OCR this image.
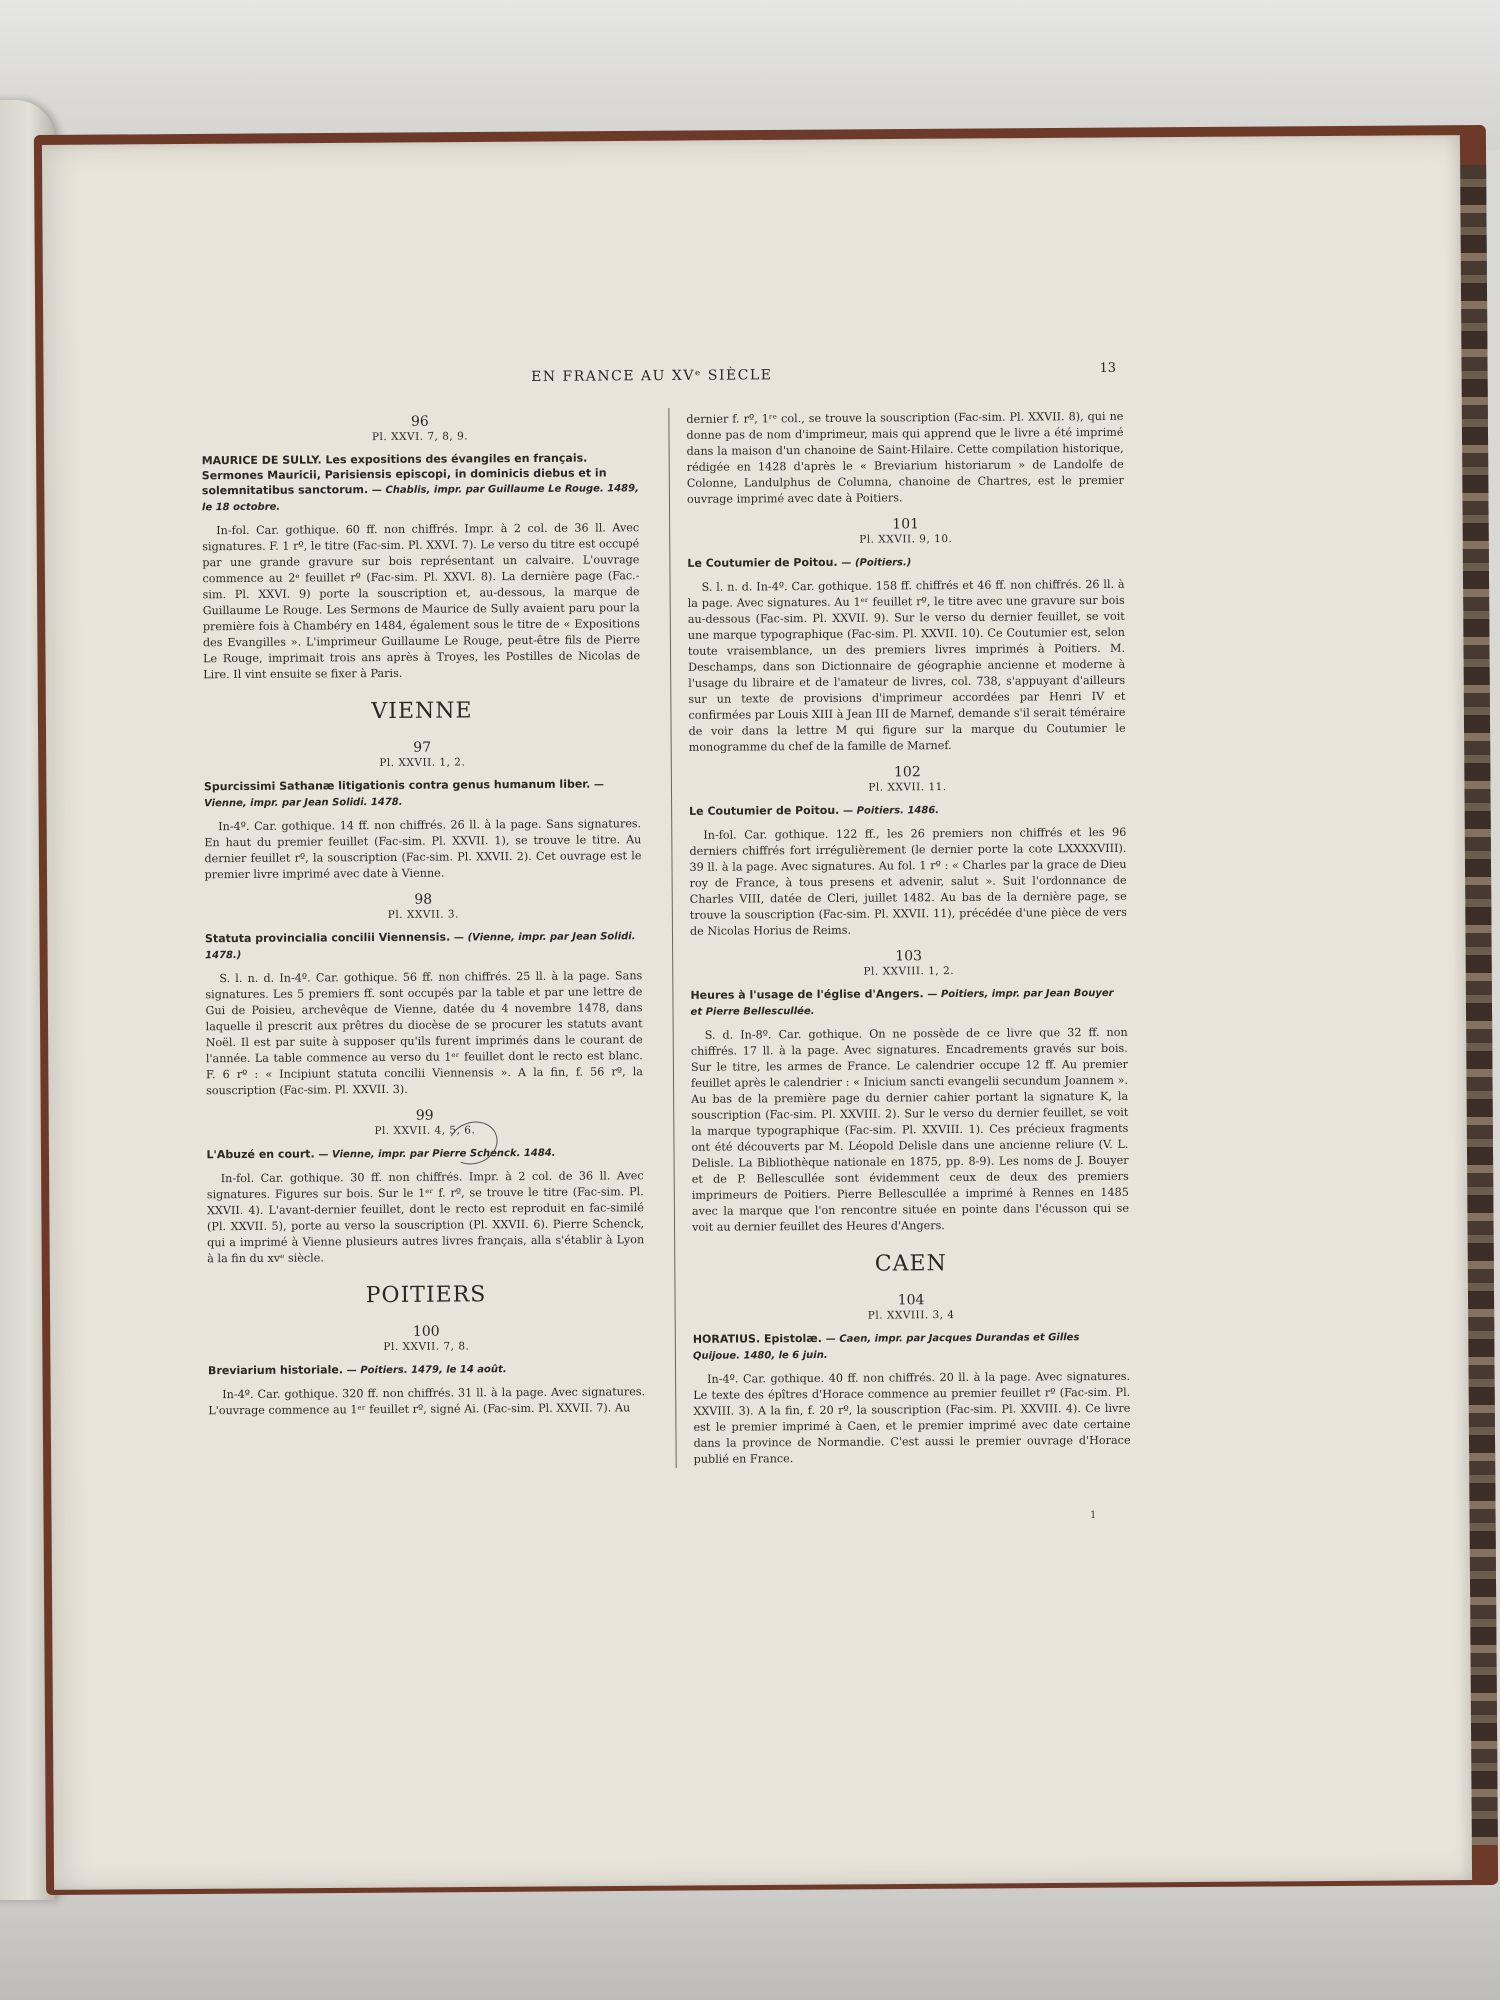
EN FRANCE AU XVᵉ SIÈCLE	13
96
Pl. XXVI. 7, 8, 9.
MAURICE DE SULLY. Les expositions des évangiles en français. Sermones Mauricii, Parisiensis episcopi, in dominicis diebus et in solemnitatibus sanctorum. — Chablis, impr. par Guillaume Le Rouge. 1489, le 18 octobre.
In-fol. Car. gothique. 60 ff. non chiffrés. Impr. à 2 col. de 36 ll. Avec signatures. F. 1 rº, le titre (Fac-sim. Pl. XXVI. 7). Le verso du titre est occupé par une grande gravure sur bois représentant un calvaire. L'ouvrage commence au 2ᵉ feuillet rº (Fac-sim. Pl. XXVI. 8). La dernière page (Fac.-sim. Pl. XXVI. 9) porte la souscription et, au-dessous, la marque de Guillaume Le Rouge. Les Sermons de Maurice de Sully avaient paru pour la première fois à Chambéry en 1484, également sous le titre de « Expositions des Evangilles ». L'imprimeur Guillaume Le Rouge, peut-être fils de Pierre Le Rouge, imprimait trois ans après à Troyes, les Postilles de Nicolas de Lire. Il vint ensuite se fixer à Paris.
VIENNE
97
Pl. XXVII. 1, 2.
Spurcissimi Sathanæ litigationis contra genus humanum liber. — Vienne, impr. par Jean Solidi. 1478.
In-4º. Car. gothique. 14 ff. non chiffrés. 26 ll. à la page. Sans signatures. En haut du premier feuillet (Fac-sim. Pl. XXVII. 1), se trouve le titre. Au dernier feuillet rº, la souscription (Fac-sim. Pl. XXVII. 2). Cet ouvrage est le premier livre imprimé avec date à Vienne.
98
Pl. XXVII. 3.
Statuta provincialia concilii Viennensis. — (Vienne, impr. par Jean Solidi. 1478.)
S. l. n. d. In-4º. Car. gothique. 56 ff. non chiffrés. 25 ll. à la page. Sans signatures. Les 5 premiers ff. sont occupés par la table et par une lettre de Gui de Poisieu, archevêque de Vienne, datée du 4 novembre 1478, dans laquelle il prescrit aux prêtres du diocèse de se procurer les statuts avant Noël. Il est par suite à supposer qu'ils furent imprimés dans le courant de l'année. La table commence au verso du 1ᵉʳ feuillet dont le recto est blanc. F. 6 rº : « Incipiunt statuta concilii Viennensis ». A la fin, f. 56 rº, la souscription (Fac-sim. Pl. XXVII. 3).
99
Pl. XXVII. 4, 5, 6.
L'Abuzé en court. — Vienne, impr. par Pierre Schenck. 1484.
In-fol. Car. gothique. 30 ff. non chiffrés. Impr. à 2 col. de 36 ll. Avec signatures. Figures sur bois. Sur le 1ᵉʳ f. rº, se trouve le titre (Fac-sim. Pl. XXVII. 4). L'avant-dernier feuillet, dont le recto est reproduit en fac-similé (Pl. XXVII. 5), porte au verso la souscription (Pl. XXVII. 6). Pierre Schenck, qui a imprimé à Vienne plusieurs autres livres français, alla s'établir à Lyon à la fin du xvᵉ siècle.
POITIERS
100
Pl. XXVII. 7, 8.
Breviarium historiale. — Poitiers. 1479, le 14 août.
In-4º. Car. gothique. 320 ff. non chiffrés. 31 ll. à la page. Avec signatures. L'ouvrage commence au 1ᵉʳ feuillet rº, signé Ai. (Fac-sim. Pl. XXVII. 7). Au
dernier f. rº, 1ʳᵉ col., se trouve la souscription (Fac-sim. Pl. XXVII. 8), qui ne donne pas de nom d'imprimeur, mais qui apprend que le livre a été imprimé dans la maison d'un chanoine de Saint-Hilaire. Cette compilation historique, rédigée en 1428 d'après le « Breviarium historiarum » de Landolfe de Colonne, Landulphus de Columna, chanoine de Chartres, est le premier ouvrage imprimé avec date à Poitiers.
101
Pl. XXVII. 9, 10.
Le Coutumier de Poitou. — (Poitiers.)
S. l. n. d. In-4º. Car. gothique. 158 ff. chiffrés et 46 ff. non chiffrés. 26 ll. à la page. Avec signatures. Au 1ᵉʳ feuillet rº, le titre avec une gravure sur bois au-dessous (Fac-sim. Pl. XXVII. 9). Sur le verso du dernier feuillet, se voit une marque typographique (Fac-sim. Pl. XXVII. 10). Ce Coutumier est, selon toute vraisemblance, un des premiers livres imprimés à Poitiers. M. Deschamps, dans son Dictionnaire de géographie ancienne et moderne à l'usage du libraire et de l'amateur de livres, col. 738, s'appuyant d'ailleurs sur un texte de provisions d'imprimeur accordées par Henri IV et confirmées par Louis XIII à Jean III de Marnef, demande s'il serait téméraire de voir dans la lettre M qui figure sur la marque du Coutumier le monogramme du chef de la famille de Marnef.
102
Pl. XXVII. 11.
Le Coutumier de Poitou. — Poitiers. 1486.
In-fol. Car. gothique. 122 ff., les 26 premiers non chiffrés et les 96 derniers chiffrés fort irrégulièrement (le dernier porte la cote LXXXXVIII). 39 ll. à la page. Avec signatures. Au fol. 1 rº : « Charles par la grace de Dieu roy de France, à tous presens et advenir, salut ». Suit l'ordonnance de Charles VIII, datée de Cleri, juillet 1482. Au bas de la dernière page, se trouve la souscription (Fac-sim. Pl. XXVII. 11), précédée d'une pièce de vers de Nicolas Horius de Reims.
103
Pl. XXVIII. 1, 2.
Heures à l'usage de l'église d'Angers. — Poitiers, impr. par Jean Bouyer et Pierre Bellescullée.
S. d. In-8º. Car. gothique. On ne possède de ce livre que 32 ff. non chiffrés. 17 ll. à la page. Avec signatures. Encadrements gravés sur bois. Sur le titre, les armes de France. Le calendrier occupe 12 ff. Au premier feuillet après le calendrier : « Inicium sancti evangelii secundum Joannem ». Au bas de la première page du dernier cahier portant la signature K, la souscription (Fac-sim. Pl. XXVIII. 2). Sur le verso du dernier feuillet, se voit la marque typographique (Fac-sim. Pl. XXVIII. 1). Ces précieux fragments ont été découverts par M. Léopold Delisle dans une ancienne reliure (V. L. Delisle. La Bibliothèque nationale en 1875, pp. 8-9). Les noms de J. Bouyer et de P. Bellescullée sont évidemment ceux de deux des premiers imprimeurs de Poitiers. Pierre Bellescullée a imprimé à Rennes en 1485 avec la marque que l'on rencontre située en pointe dans l'écusson qui se voit au dernier feuillet des Heures d'Angers.
CAEN
104
Pl. XXVIII. 3, 4
HORATIUS. Epistolæ. — Caen, impr. par Jacques Durandas et Gilles Quijoue. 1480, le 6 juin.
In-4º. Car. gothique. 40 ff. non chiffrés. 20 ll. à la page. Avec signatures. Le texte des épîtres d'Horace commence au premier feuillet rº (Fac-sim. Pl. XXVIII. 3). A la fin, f. 20 rº, la souscription (Fac-sim. Pl. XXVIII. 4). Ce livre est le premier imprimé à Caen, et le premier imprimé avec date certaine dans la province de Normandie. C'est aussi le premier ouvrage d'Horace publié en France.
1
